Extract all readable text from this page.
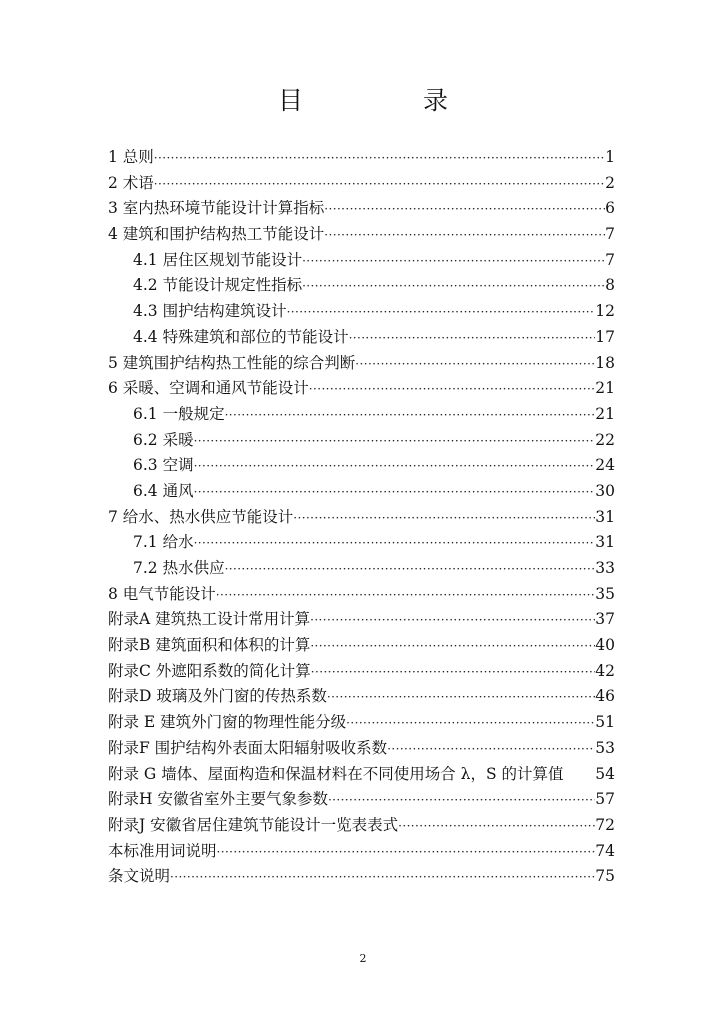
目 录
1 总则 ·····	1
2 术语 ·····	2
3 室内热环境节能设计计算指标 ·····	6
4 建筑和围护结构热工节能设计 ·····	7
4.1 居住区规划节能设计 ·····	7
4.2 节能设计规定性指标 ·····	8
4.3 围护结构建筑设计 ·····	12
4.4 特殊建筑和部位的节能设计 ·····	17
5 建筑围护结构热工性能的综合判断 ·····	18
6 采暖、空调和通风节能设计 ·····	21
6.1 一般规定 ·····	21
6.2 采暖 ·····	22
6.3 空调 ·····	24
6.4 通风 ·····	30
7 给水、热水供应节能设计 ·····	31
7.1 给水 ·····	31
7.2 热水供应 ·····	33
8 电气节能设计 ·····	35
附录A 建筑热工设计常用计算 ·····	37
附录B 建筑面积和体积的计算 ·····	40
附录C 外遮阳系数的简化计算 ·····	42
附录D 玻璃及外门窗的传热系数 ·····	46
附录 E 建筑外门窗的物理性能分级 ·····	51
附录F 围护结构外表面太阳辐射吸收系数 ·····	53
附录 G 墙体、屋面构造和保温材料在不同使用场合 λ，S 的计算值 54
附录H 安徽省室外主要气象参数 ·····	57
附录J 安徽省居住建筑节能设计一览表表式 ·····	72
本标准用词说明 ·····	74
条文说明 ·····	75
2
